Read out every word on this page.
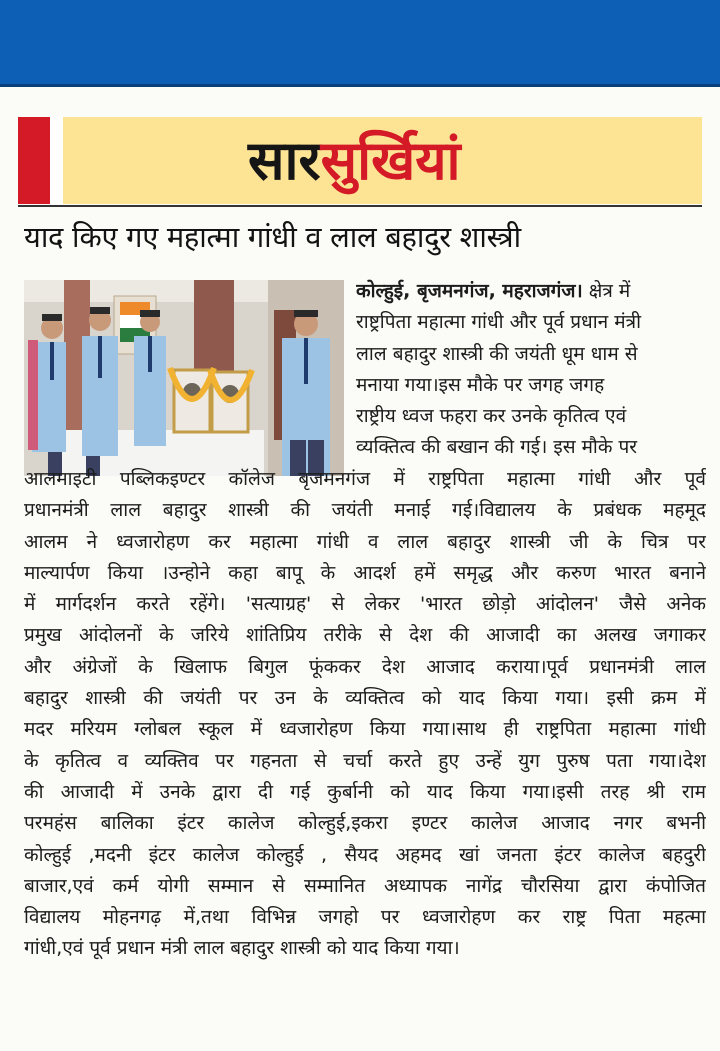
सारसुर्खियां
याद किए गए महात्मा गांधी व लाल बहादुर शास्त्री
कोल्हुई, बृजमनगंज, महराजगंज। क्षेत्र में
राष्ट्रपिता महात्मा गांधी और पूर्व प्रधान मंत्री
लाल बहादुर शास्त्री की जयंती धूम धाम से
मनाया गया।इस मौके पर जगह जगह
राष्ट्रीय ध्वज फहरा कर उनके कृतित्व एवं
व्यक्तित्व की बखान की गई। इस मौके पर
आलमाइटी पब्लिकइण्टर कॉलेज बृजमनगंज में राष्ट्रपिता महात्मा गांधी और पूर्व
प्रधानमंत्री लाल बहादुर शास्त्री की जयंती मनाई गई।विद्यालय के प्रबंधक महमूद
आलम ने ध्वजारोहण कर महात्मा गांधी व लाल बहादुर शास्त्री जी के चित्र पर
माल्यार्पण किया ।उन्होने कहा बापू के आदर्श हमें समृद्ध और करुण भारत बनाने
में मार्गदर्शन करते रहेंगे। 'सत्याग्रह' से लेकर 'भारत छोड़ो आंदोलन' जैसे अनेक
प्रमुख आंदोलनों के जरिये शांतिप्रिय तरीके से देश की आजादी का अलख जगाकर
और अंग्रेजों के खिलाफ बिगुल फूंककर देश आजाद कराया।पूर्व प्रधानमंत्री लाल
बहादुर शास्त्री की जयंती पर उन के व्यक्तित्व को याद किया गया। इसी क्रम में
मदर मरियम ग्लोबल स्कूल में ध्वजारोहण किया गया।साथ ही राष्ट्रपिता महात्मा गांधी
के कृतित्व व व्यक्तिव पर गहनता से चर्चा करते हुए उन्हें युग पुरुष पता गया।देश
की आजादी में उनके द्वारा दी गई कुर्बानी को याद किया गया।इसी तरह श्री राम
परमहंस बालिका इंटर कालेज कोल्हुई,इकरा इण्टर कालेज आजाद नगर बभनी
कोल्हुई ,मदनी इंटर कालेज कोल्हुई , सैयद अहमद खां जनता इंटर कालेज बहदुरी
बाजार,एवं कर्म योगी सम्मान से सम्मानित अध्यापक नागेंद्र चौरसिया द्वारा कंपोजित
विद्यालय मोहनगढ़ में,तथा विभिन्न जगहो पर ध्वजारोहण कर राष्ट्र पिता महत्मा
गांधी,एवं पूर्व प्रधान मंत्री लाल बहादुर शास्त्री को याद किया गया।
